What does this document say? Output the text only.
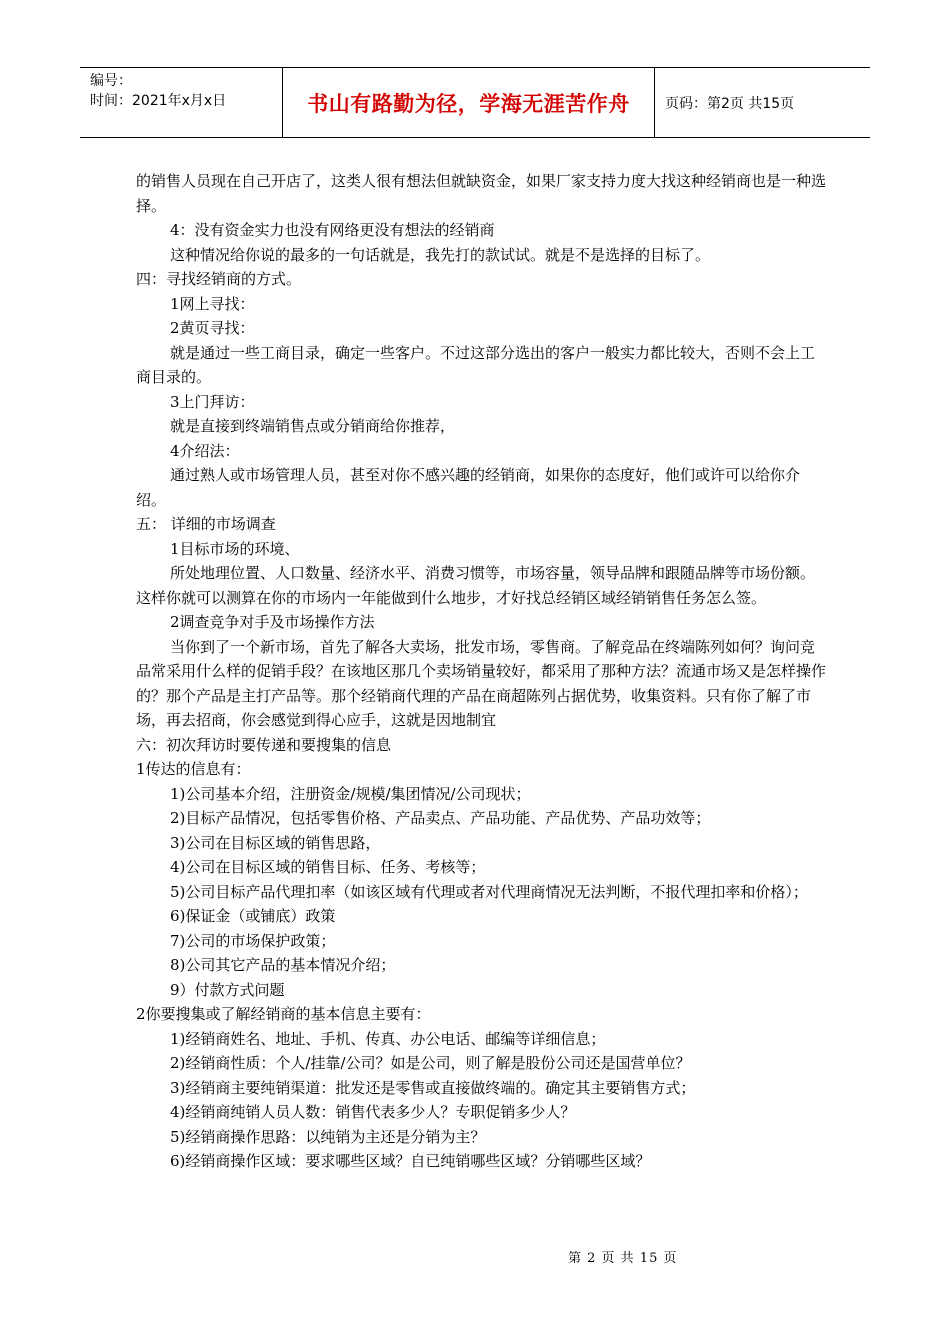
编号：
时间：2021年x月x日	书山有路勤为径，学海无涯苦作舟	页码：第2页 共15页

的销售人员现在自己开店了，这类人很有想法但就缺资金，如果厂家支持力度大找这种经销商也是一种选择。

4：没有资金实力也没有网络更没有想法的经销商

这种情况给你说的最多的一句话就是，我先打的款试试。就是不是选择的目标了。

四：寻找经销商的方式。

1网上寻找：

2黄页寻找：

就是通过一些工商目录，确定一些客户。不过这部分选出的客户一般实力都比较大，否则不会上工商目录的。

3上门拜访：

就是直接到终端销售点或分销商给你推荐，

4介绍法：

通过熟人或市场管理人员，甚至对你不感兴趣的经销商，如果你的态度好，他们或许可以给你介绍。

五： 详细的市场调查

1目标市场的环境、

所处地理位置、人口数量、经济水平、消费习惯等，市场容量，领导品牌和跟随品牌等市场份额。这样你就可以测算在你的市场内一年能做到什么地步，才好找总经销区域经销销售任务怎么签。

2调查竞争对手及市场操作方法

当你到了一个新市场，首先了解各大卖场，批发市场，零售商。了解竞品在终端陈列如何？询问竞品常采用什么样的促销手段？在该地区那几个卖场销量较好，都采用了那种方法？流通市场又是怎样操作的？那个产品是主打产品等。那个经销商代理的产品在商超陈列占据优势，收集资料。只有你了解了市场，再去招商，你会感觉到得心应手，这就是因地制宜

六：初次拜访时要传递和要搜集的信息

1传达的信息有：

1)公司基本介绍，注册资金/规模/集团情况/公司现状；

2)目标产品情况，包括零售价格、产品卖点、产品功能、产品优势、产品功效等；

3)公司在目标区域的销售思路，

4)公司在目标区域的销售目标、任务、考核等；

5)公司目标产品代理扣率（如该区域有代理或者对代理商情况无法判断，不报代理扣率和价格）；

6)保证金（或铺底）政策

7)公司的市场保护政策；

8)公司其它产品的基本情况介绍；

9）付款方式问题

2你要搜集或了解经销商的基本信息主要有：

1)经销商姓名、地址、手机、传真、办公电话、邮编等详细信息；

2)经销商性质：个人/挂靠/公司？如是公司，则了解是股份公司还是国营单位？

3)经销商主要纯销渠道：批发还是零售或直接做终端的。确定其主要销售方式；

4)经销商纯销人员人数：销售代表多少人？专职促销多少人？

5)经销商操作思路：以纯销为主还是分销为主？

6)经销商操作区域：要求哪些区域？自已纯销哪些区域？分销哪些区域？

第 2 页 共 15 页
